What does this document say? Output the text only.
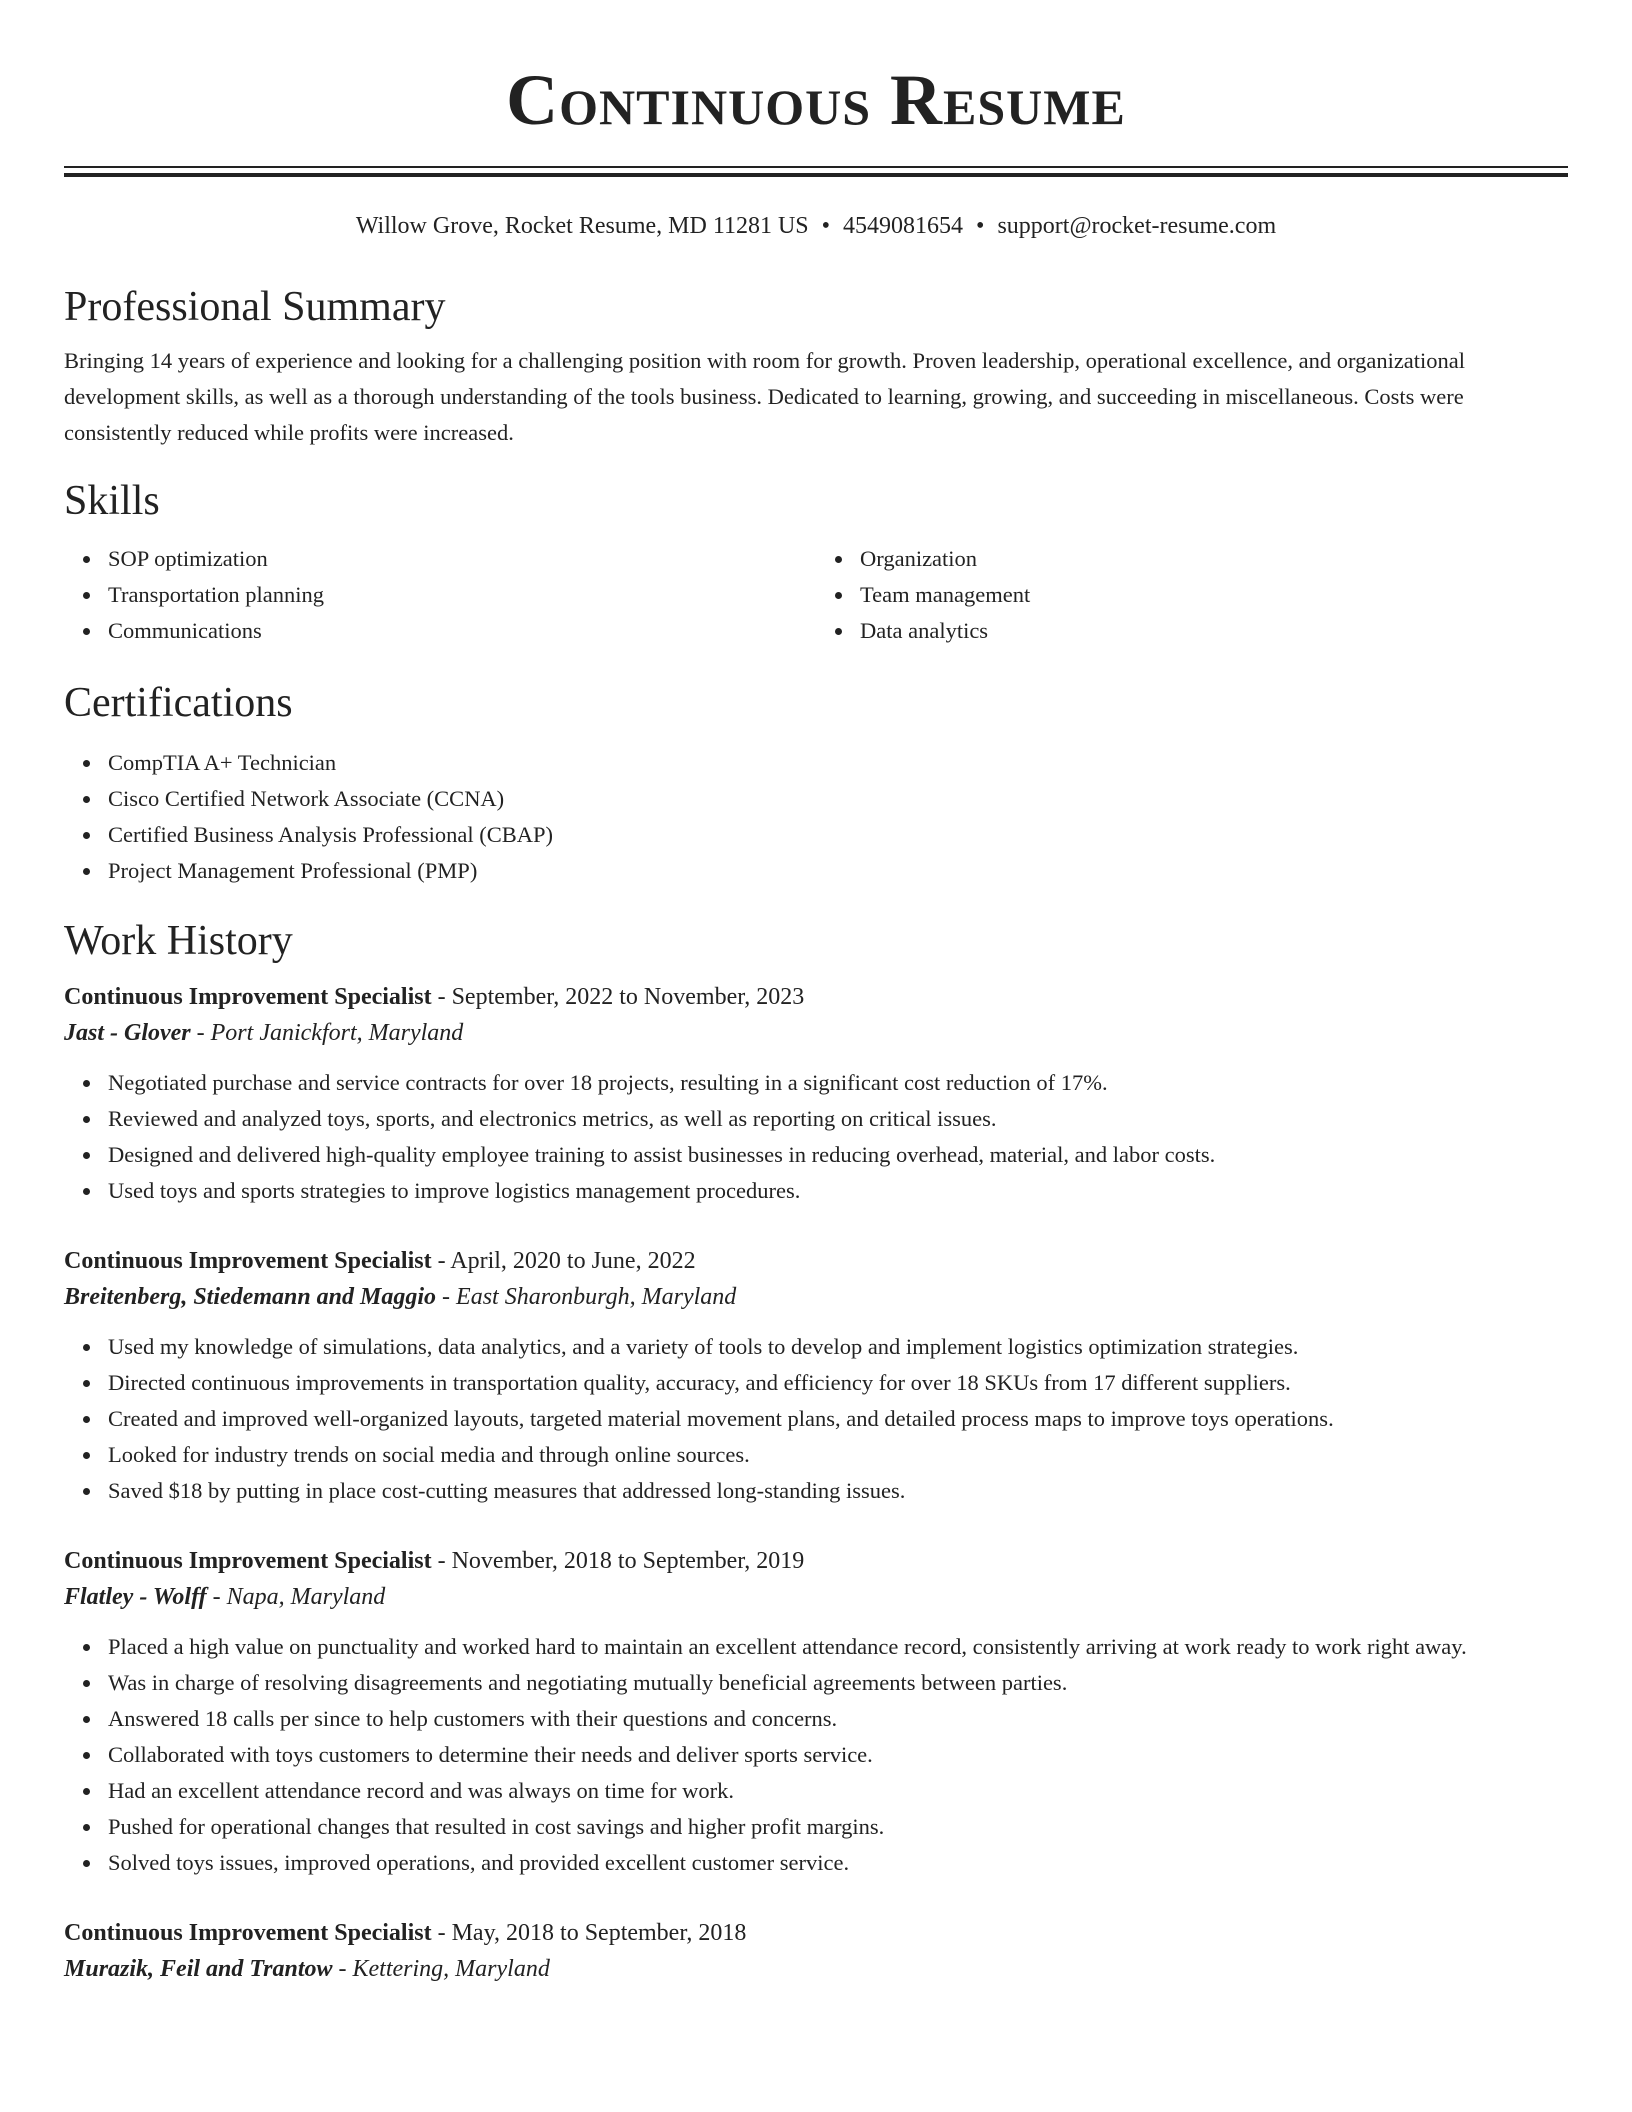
Continuous Resume
Willow Grove, Rocket Resume, MD 11281 US • 4549081654 • support@rocket-resume.com
Professional Summary

Bringing 14 years of experience and looking for a challenging position with room for growth. Proven leadership, operational excellence, and organizational development skills, as well as a thorough understanding of the tools business. Dedicated to learning, growing, and succeeding in miscellaneous. Costs were consistently reduced while profits were increased.

Skills
SOP optimization
Transportation planning
Communications
Organization
Team management
Data analytics
Certifications
CompTIA A+ Technician
Cisco Certified Network Associate (CCNA)
Certified Business Analysis Professional (CBAP)
Project Management Professional (PMP)
Work History
Continuous Improvement Specialist - September, 2022 to November, 2023
Jast - Glover - Port Janickfort, Maryland
Negotiated purchase and service contracts for over 18 projects, resulting in a significant cost reduction of 17%.
Reviewed and analyzed toys, sports, and electronics metrics, as well as reporting on critical issues.
Designed and delivered high-quality employee training to assist businesses in reducing overhead, material, and labor costs.
Used toys and sports strategies to improve logistics management procedures.
Continuous Improvement Specialist - April, 2020 to June, 2022
Breitenberg, Stiedemann and Maggio - East Sharonburgh, Maryland
Used my knowledge of simulations, data analytics, and a variety of tools to develop and implement logistics optimization strategies.
Directed continuous improvements in transportation quality, accuracy, and efficiency for over 18 SKUs from 17 different suppliers.
Created and improved well-organized layouts, targeted material movement plans, and detailed process maps to improve toys operations.
Looked for industry trends on social media and through online sources.
Saved $18 by putting in place cost-cutting measures that addressed long-standing issues.
Continuous Improvement Specialist - November, 2018 to September, 2019
Flatley - Wolff - Napa, Maryland
Placed a high value on punctuality and worked hard to maintain an excellent attendance record, consistently arriving at work ready to work right away.
Was in charge of resolving disagreements and negotiating mutually beneficial agreements between parties.
Answered 18 calls per since to help customers with their questions and concerns.
Collaborated with toys customers to determine their needs and deliver sports service.
Had an excellent attendance record and was always on time for work.
Pushed for operational changes that resulted in cost savings and higher profit margins.
Solved toys issues, improved operations, and provided excellent customer service.
Continuous Improvement Specialist - May, 2018 to September, 2018
Murazik, Feil and Trantow - Kettering, Maryland
